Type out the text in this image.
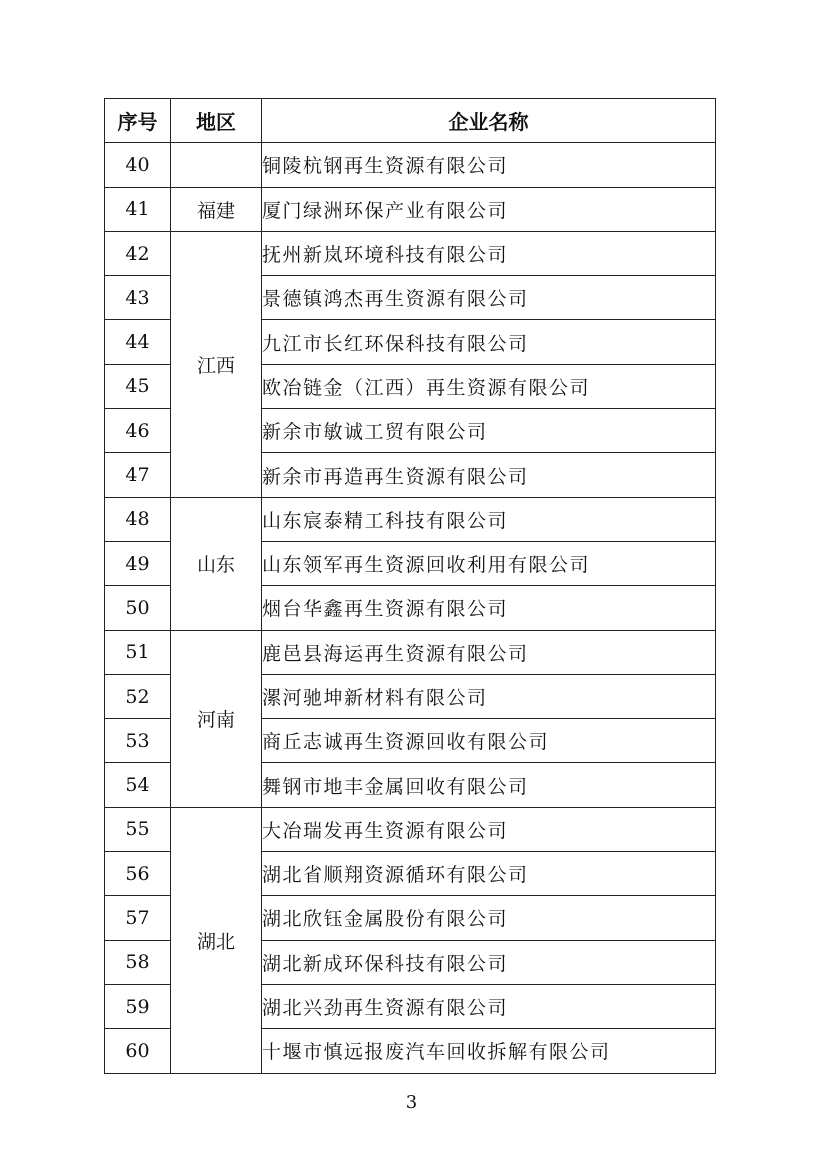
序号	地区	企业名称
40		铜陵杭钢再生资源有限公司
41	福建	厦门绿洲环保产业有限公司
42	江西	抚州新岚环境科技有限公司
43		景德镇鸿杰再生资源有限公司
44		九江市长红环保科技有限公司
45		欧冶链金（江西）再生资源有限公司
46		新余市敏诚工贸有限公司
47		新余市再造再生资源有限公司
48	山东	山东宸泰精工科技有限公司
49		山东领军再生资源回收利用有限公司
50		烟台华鑫再生资源有限公司
51	河南	鹿邑县海运再生资源有限公司
52		漯河驰坤新材料有限公司
53		商丘志诚再生资源回收有限公司
54		舞钢市地丰金属回收有限公司
55	湖北	大冶瑞发再生资源有限公司
56		湖北省顺翔资源循环有限公司
57		湖北欣钰金属股份有限公司
58		湖北新成环保科技有限公司
59		湖北兴劲再生资源有限公司
60		十堰市慎远报废汽车回收拆解有限公司
3
